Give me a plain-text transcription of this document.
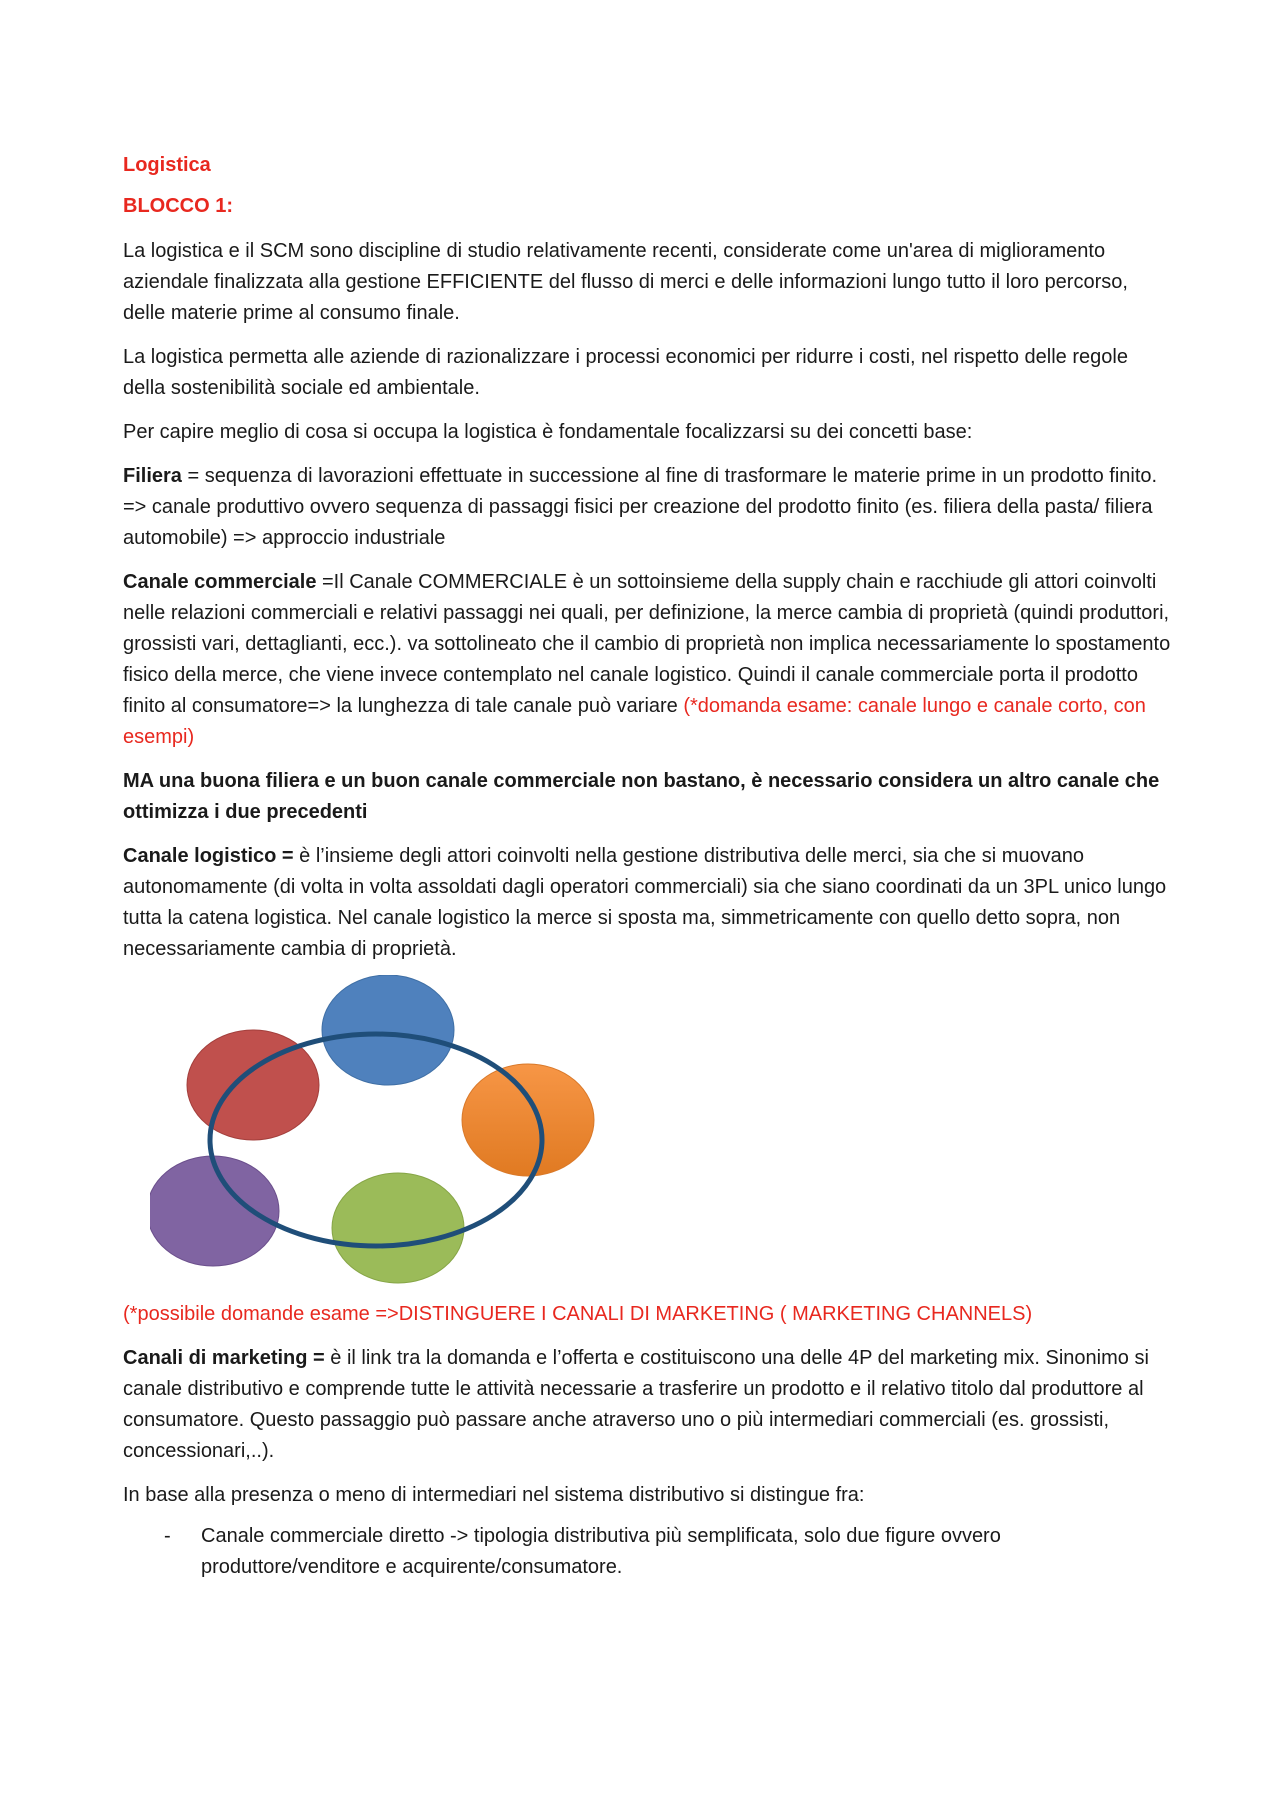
Logistica

BLOCCO 1:

La logistica e il SCM sono discipline di studio relativamente recenti, considerate come un'area di miglioramento aziendale finalizzata alla gestione EFFICIENTE del flusso di merci e delle informazioni lungo tutto il loro percorso, delle materie prime al consumo finale.

La logistica permetta alle aziende di razionalizzare i processi economici per ridurre i costi, nel rispetto delle regole della sostenibilità sociale ed ambientale.

Per capire meglio di cosa si occupa la logistica è fondamentale focalizzarsi su dei concetti base:

Filiera = sequenza di lavorazioni effettuate in successione al fine di trasformare le materie prime in un prodotto finito. => canale produttivo ovvero sequenza di passaggi fisici per creazione del prodotto finito (es. filiera della pasta/ filiera automobile) => approccio industriale

Canale commerciale =Il Canale COMMERCIALE è un sottoinsieme della supply chain e racchiude gli attori coinvolti nelle relazioni commerciali e relativi passaggi nei quali, per definizione, la merce cambia di proprietà (quindi produttori, grossisti vari, dettaglianti, ecc.). va sottolineato che il cambio di proprietà non implica necessariamente lo spostamento fisico della merce, che viene invece contemplato nel canale logistico. Quindi il canale commerciale porta il prodotto finito al consumatore=> la lunghezza di tale canale può variare (*domanda esame: canale lungo e canale corto, con esempi)

MA una buona filiera e un buon canale commerciale non bastano, è necessario considera un altro canale che ottimizza i due precedenti

Canale logistico = è l’insieme degli attori coinvolti nella gestione distributiva delle merci, sia che si muovano autonomamente (di volta in volta assoldati dagli operatori commerciali) sia che siano coordinati da un 3PL unico lungo tutta la catena logistica. Nel canale logistico la merce si sposta ma, simmetricamente con quello detto sopra, non necessariamente cambia di proprietà.

(*possibile domande esame =>DISTINGUERE I CANALI DI MARKETING ( MARKETING CHANNELS)

Canali di marketing = è il link tra la domanda e l’offerta e costituiscono una delle 4P del marketing mix. Sinonimo si canale distributivo e comprende tutte le attività necessarie a trasferire un prodotto e il relativo titolo dal produttore al consumatore. Questo passaggio può passare anche atraverso uno o più intermediari commerciali (es. grossisti, concessionari,..).

In base alla presenza o meno di intermediari nel sistema distributivo si distingue fra:

- Canale commerciale diretto -> tipologia distributiva più semplificata, solo due figure ovvero produttore/venditore e acquirente/consumatore.
